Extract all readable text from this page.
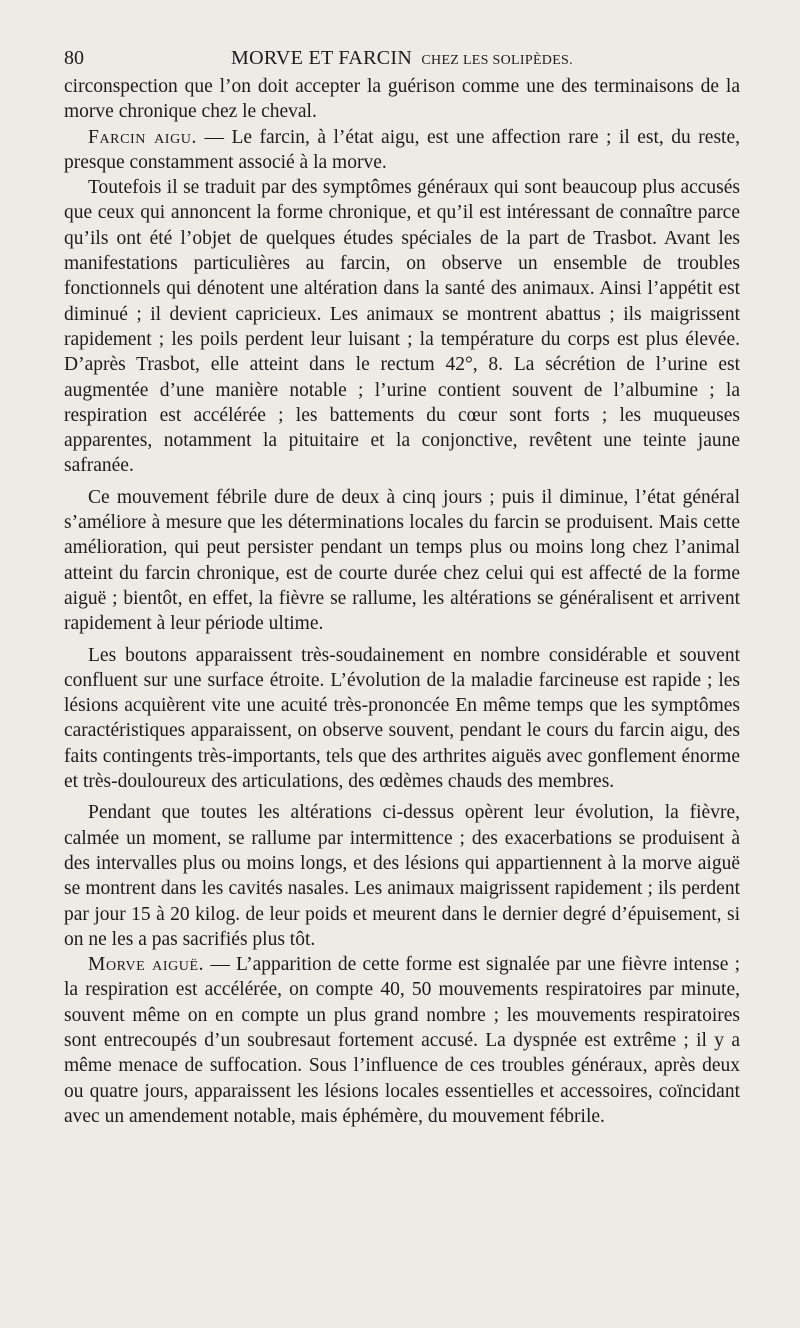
80	MORVE ET FARCIN CHEZ LES SOLIPÈDES.

circonspection que l’on doit accepter la guérison comme une des terminaisons de la morve chronique chez le cheval.

Farcin aigu. — Le farcin, à l’état aigu, est une affection rare ; il est, du reste, presque constamment associé à la morve.

Toutefois il se traduit par des symptômes généraux qui sont beaucoup plus accusés que ceux qui annoncent la forme chronique, et qu’il est intéressant de connaître parce qu’ils ont été l’objet de quelques études spéciales de la part de Trasbot. Avant les manifestations particulières au farcin, on observe un ensemble de troubles fonctionnels qui dénotent une altération dans la santé des animaux. Ainsi l’appétit est diminué ; il devient capricieux. Les animaux se montrent abattus ; ils maigrissent rapidement ; les poils perdent leur luisant ; la température du corps est plus élevée. D’après Trasbot, elle atteint dans le rectum 42°, 8. La sécrétion de l’urine est augmentée d’une manière notable ; l’urine contient souvent de l’albumine ; la respiration est accélérée ; les battements du cœur sont forts ; les muqueuses apparentes, notamment la pituitaire et la conjonctive, revêtent une teinte jaune safranée.

Ce mouvement fébrile dure de deux à cinq jours ; puis il diminue, l’état général s’améliore à mesure que les déterminations locales du farcin se produisent. Mais cette amélioration, qui peut persister pendant un temps plus ou moins long chez l’animal atteint du farcin chronique, est de courte durée chez celui qui est affecté de la forme aiguë ; bientôt, en effet, la fièvre se rallume, les altérations se généralisent et arrivent rapidement à leur période ultime.

Les boutons apparaissent très-soudainement en nombre considérable et souvent confluent sur une surface étroite. L’évolution de la maladie farcineuse est rapide ; les lésions acquièrent vite une acuité très-prononcée En même temps que les symptômes caractéristiques apparaissent, on observe souvent, pendant le cours du farcin aigu, des faits contingents très-importants, tels que des arthrites aiguës avec gonflement énorme et très-douloureux des articulations, des œdèmes chauds des membres.

Pendant que toutes les altérations ci-dessus opèrent leur évolution, la fièvre, calmée un moment, se rallume par intermittence ; des exacerbations se produisent à des intervalles plus ou moins longs, et des lésions qui appartiennent à la morve aiguë se montrent dans les cavités nasales. Les animaux maigrissent rapidement ; ils perdent par jour 15 à 20 kilog. de leur poids et meurent dans le dernier degré d’épuisement, si on ne les a pas sacrifiés plus tôt.

Morve aiguë. — L’apparition de cette forme est signalée par une fièvre intense ; la respiration est accélérée, on compte 40, 50 mouvements respiratoires par minute, souvent même on en compte un plus grand nombre ; les mouvements respiratoires sont entrecoupés d’un soubresaut fortement accusé. La dyspnée est extrême ; il y a même menace de suffocation. Sous l’influence de ces troubles généraux, après deux ou quatre jours, apparaissent les lésions locales essentielles et accessoires, coïncidant avec un amendement notable, mais éphémère, du mouvement fébrile.
